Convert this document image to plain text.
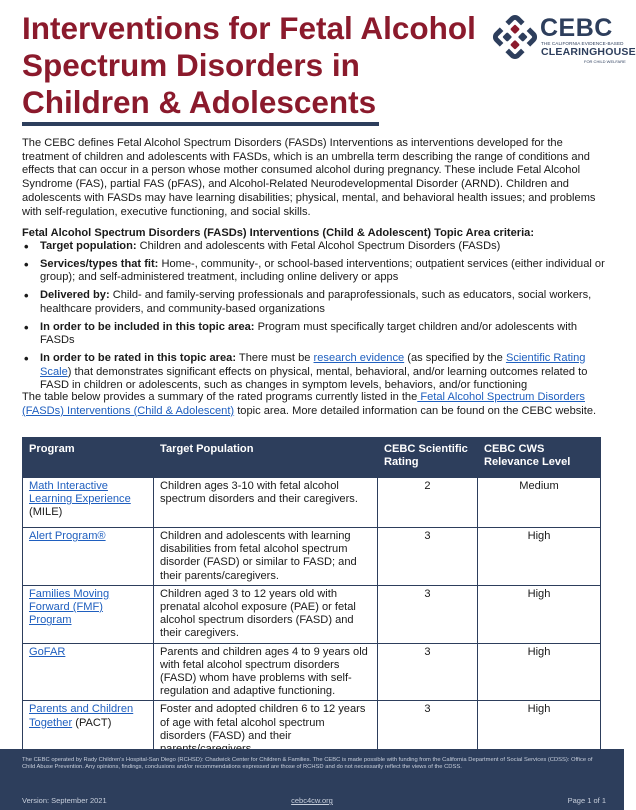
Interventions for Fetal Alcohol
Spectrum Disorders in
Children & Adolescents
CEBC
THE CALIFORNIA EVIDENCE-BASED
CLEARINGHOUSE
FOR CHILD WELFARE

The CEBC defines Fetal Alcohol Spectrum Disorders (FASDs) Interventions as interventions developed for the treatment of children and adolescents with FASDs, which is an umbrella term describing the range of conditions and effects that can occur in a person whose mother consumed alcohol during pregnancy. These include Fetal Alcohol Syndrome (FAS), partial FAS (pFAS), and Alcohol-Related Neurodevelopmental Disorder (ARND). Children and adolescents with FASDs may have learning disabilities; physical, mental, and behavioral health issues; and problems with self-regulation, executive functioning, and social skills.

Fetal Alcohol Spectrum Disorders (FASDs) Interventions (Child & Adolescent) Topic Area criteria:

• Target population: Children and adolescents with Fetal Alcohol Spectrum Disorders (FASDs)
• Services/types that fit: Home-, community-, or school-based interventions; outpatient services (either individual or group); and self-administered treatment, including online delivery or apps
• Delivered by: Child- and family-serving professionals and paraprofessionals, such as educators, social workers, healthcare providers, and community-based organizations
• In order to be included in this topic area: Program must specifically target children and/or adolescents with FASDs
• In order to be rated in this topic area: There must be research evidence (as specified by the Scientific Rating Scale) that demonstrates significant effects on physical, mental, behavioral, and/or learning outcomes related to FASD in children or adolescents, such as changes in symptom levels, behaviors, and/or functioning

The table below provides a summary of the rated programs currently listed in the Fetal Alcohol Spectrum Disorders (FASDs) Interventions (Child & Adolescent) topic area. More detailed information can be found on the CEBC website.

Program	Target Population	CEBC Scientific Rating	CEBC CWS Relevance Level
Math Interactive Learning Experience (MILE)	Children ages 3-10 with fetal alcohol spectrum disorders and their caregivers.	2	Medium
Alert Program®	Children and adolescents with learning disabilities from fetal alcohol spectrum disorder (FASD) or similar to FASD; and their parents/caregivers.	3	High
Families Moving Forward (FMF) Program	Children aged 3 to 12 years old with prenatal alcohol exposure (PAE) or fetal alcohol spectrum disorders (FASD) and their caregivers.	3	High
GoFAR	Parents and children ages 4 to 9 years old with fetal alcohol spectrum disorders (FASD) whom have problems with self-regulation and adaptive functioning.	3	High
Parents and Children Together (PACT)	Foster and adopted children 6 to 12 years of age with fetal alcohol spectrum disorders (FASD) and their	3	High

The CEBC operated by Rady Children's Hospital-San Diego (RCHSD): Chadwick Center for Children & Families. The CEBC is made possible with funding from the California Department of Social Services (CDSS): Office of Child Abuse Prevention. Any opinions, findings, conclusions and/or recommendations expressed are those of RCHSD and do not necessarily reflect the views of the CDSS.

Version: September 2021	cebc4cw.org	Page 1 of 1
